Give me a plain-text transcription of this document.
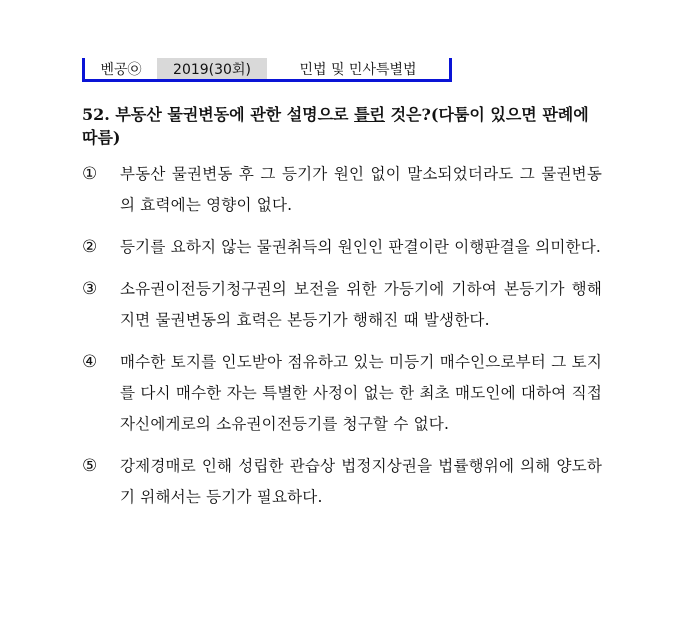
벤공㉧	2019(30회)	민법 및 민사특별법
52. 부동산 물권변동에 관한 설명으로 틀린 것은?(다툼이 있으면 판례에 따름)
①	부동산 물권변동 후 그 등기가 원인 없이 말소되었더라도 그 물권변동의 효력에는 영향이 없다.
②	등기를 요하지 않는 물권취득의 원인인 판결이란 이행판결을 의미한다.
③	소유권이전등기청구권의 보전을 위한 가등기에 기하여 본등기가 행해지면 물권변동의 효력은 본등기가 행해진 때 발생한다.
④	매수한 토지를 인도받아 점유하고 있는 미등기 매수인으로부터 그 토지를 다시 매수한 자는 특별한 사정이 없는 한 최초 매도인에 대하여 직접 자신에게로의 소유권이전등기를 청구할 수 없다.
⑤	강제경매로 인해 성립한 관습상 법정지상권을 법률행위에 의해 양도하기 위해서는 등기가 필요하다.
